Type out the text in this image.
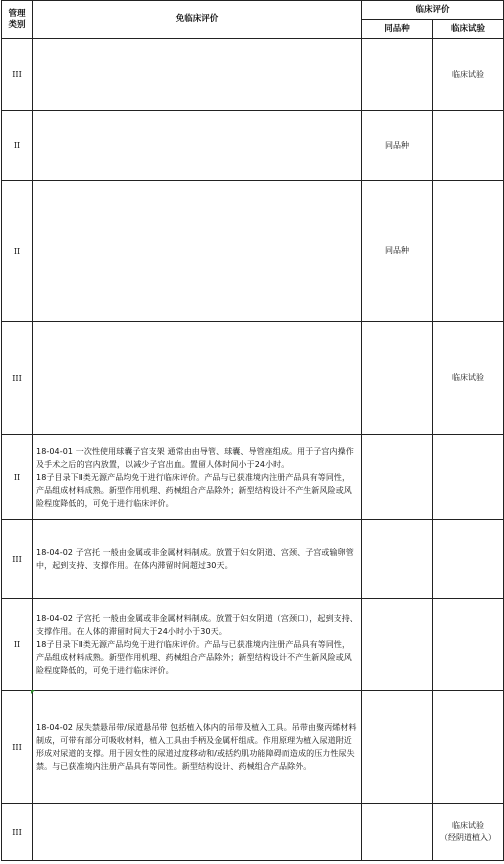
管理
类别	免临床评价	临床评价	
		同品种	临床试验
III			临床试验
II		同品种	
II		同品种	
III			临床试验
II	18-04-01 一次性使用球囊子宫支架 通常由由导管、球囊、导管座组成。用于子宫内操作及手术之后的宫内放置，以减少子宫出血。置留人体时间小于24小时。
18子目录下Ⅱ类无源产品均免于进行临床评价。产品与已获准境内注册产品具有等同性，产品组成材料成熟。新型作用机理、药械组合产品除外；新型结构设计不产生新风险或风险程度降低的，可免于进行临床评价。		
III	18-04-02 子宫托 一般由金属或非金属材料制成。放置于妇女阴道、宫颈、子宫或输卵管中，起到支持、支撑作用。在体内滞留时间超过30天。		
II	18-04-02 子宫托 一般由金属或非金属材料制成。放置于妇女阴道（宫颈口），起到支持、支撑作用。在人体的滞留时间大于24小时小于30天。
18子目录下Ⅱ类无源产品均免于进行临床评价。产品与已获准境内注册产品具有等同性，产品组成材料成熟。新型作用机理、药械组合产品除外；新型结构设计不产生新风险或风险程度降低的，可免于进行临床评价。		
III	18-04-02 尿失禁悬吊带/尿道悬吊带 包括植入体内的吊带及植入工具。吊带由聚丙烯材料制成，可带有部分可吸收材料，植入工具由手柄及金属杆组成。作用原理为植入尿道附近形成对尿道的支撑。用于因女性的尿道过度移动和/或括约肌功能障碍而造成的压力性尿失禁。与已获准境内注册产品具有等同性。新型结构设计、药械组合产品除外。		
III			临床试验
（经阴道植入）
